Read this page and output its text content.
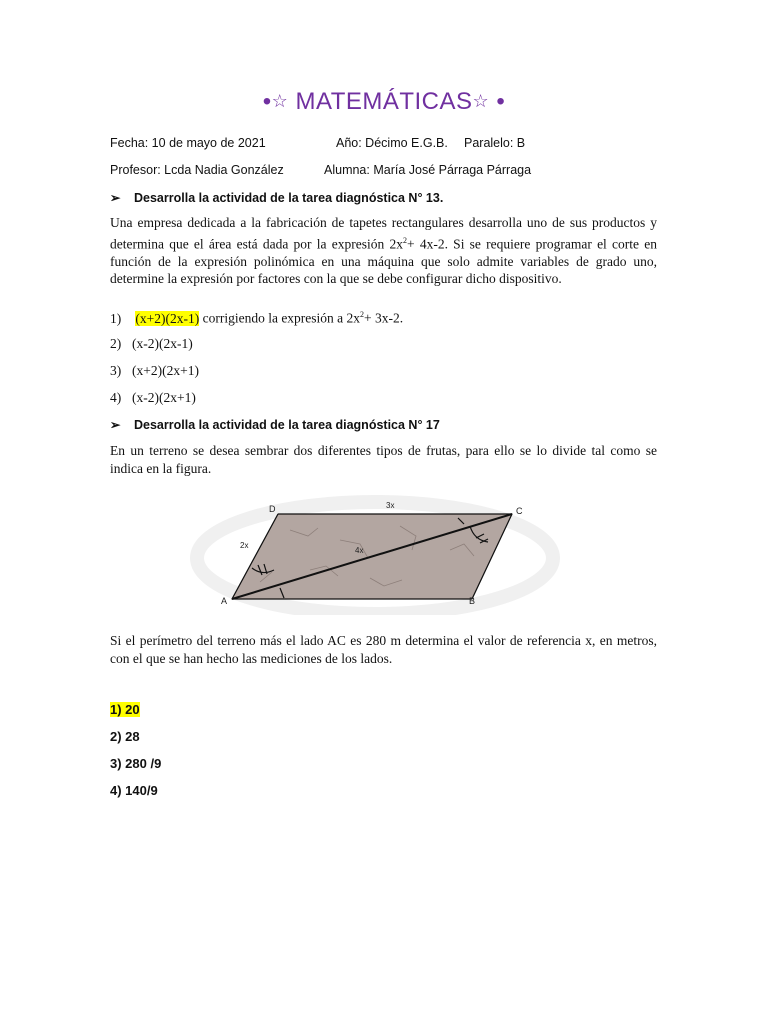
•☆ MATEMÁTICAS☆ •
Fecha: 10 de mayo de 2021	Año: Décimo E.G.B. Paralelo: B
Profesor: Lcda Nadia González	Alumna: María José Párraga Párraga
➢ Desarrolla la actividad de la tarea diagnóstica N° 13.
Una empresa dedicada a la fabricación de tapetes rectangulares desarrolla uno de sus productos y determina que el área está dada por la expresión $2x^2+ 4x-2$. Si se requiere programar el corte en función de la expresión polinómica en una máquina que solo admite variables de grado uno, determine la expresión por factores con la que se debe configurar dicho dispositivo.
1) (x+2)(2x-1) corrigiendo la expresión a $2x^2+ 3x-2$.
2) (x-2)(2x-1)
3) (x+2)(2x+1)
4) (x-2)(2x+1)
➢ Desarrolla la actividad de la tarea diagnóstica N° 17
En un terreno se desea sembrar dos diferentes tipos de frutas, para ello se lo divide tal como se indica en la figura.
D	C
A	B
3x
2x
4x
Si el perímetro del terreno más el lado AC es 280 m determina el valor de referencia x, en metros, con el que se han hecho las mediciones de los lados.
1) 20
2) 28
3) 280 /9
4) 140/9
